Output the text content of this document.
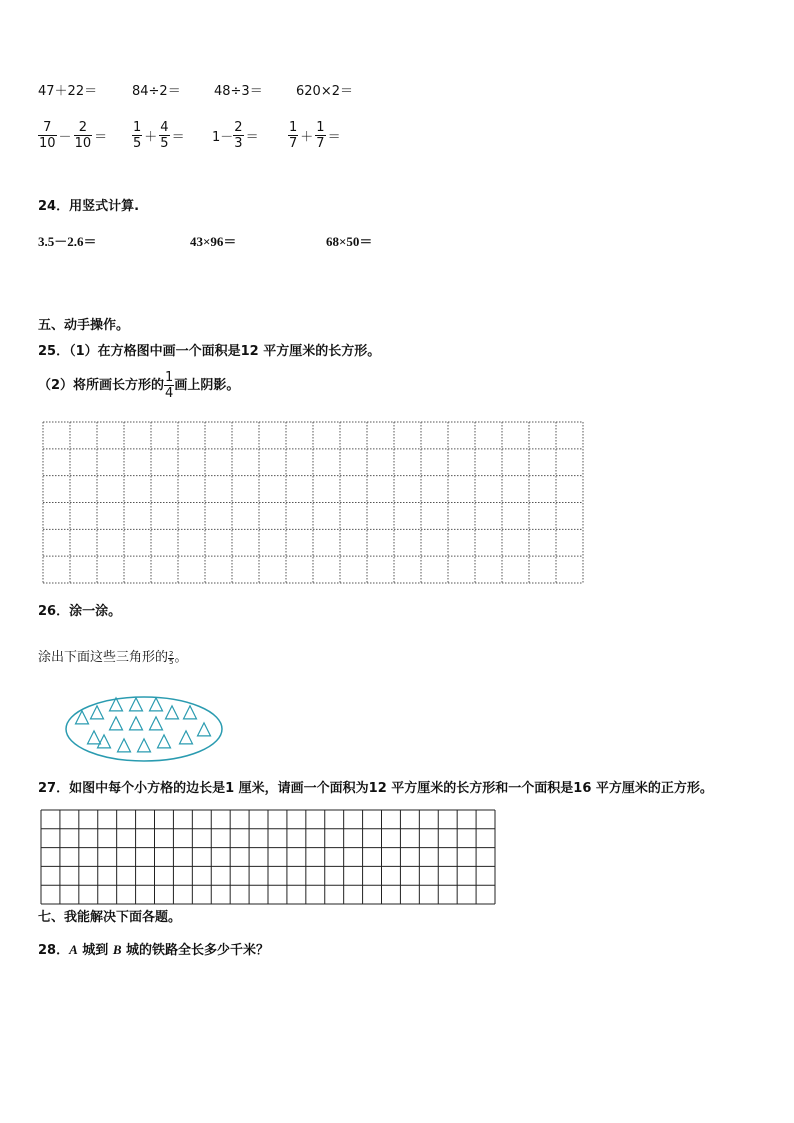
47＋22＝	84÷2＝	48÷3＝	620×2＝
$\frac{7}{10} - \frac{2}{10} = \frac{1}{5} + \frac{4}{5} = 1- \frac{2}{3} = \frac{1}{7} + \frac{1}{7}$ ＝
24．用竖式计算.
3.5－2.6＝	43×96＝	68×50＝
五、动手操作。
25．（1）在方格图中画一个面积是12 平方厘米的长方形。
（2）将所画长方形的 $\frac{1}{4}$ 画上阴影。
26．涂一涂。
涂出下面这些三角形的 $\frac{2}{5}$ 。
27．如图中每个小方格的边长是1 厘米，请画一个面积为12 平方厘米的长方形和一个面积是16 平方厘米的正方形。
七、我能解决下面各题。
28．A 城到 B 城的铁路全长多少千米？
